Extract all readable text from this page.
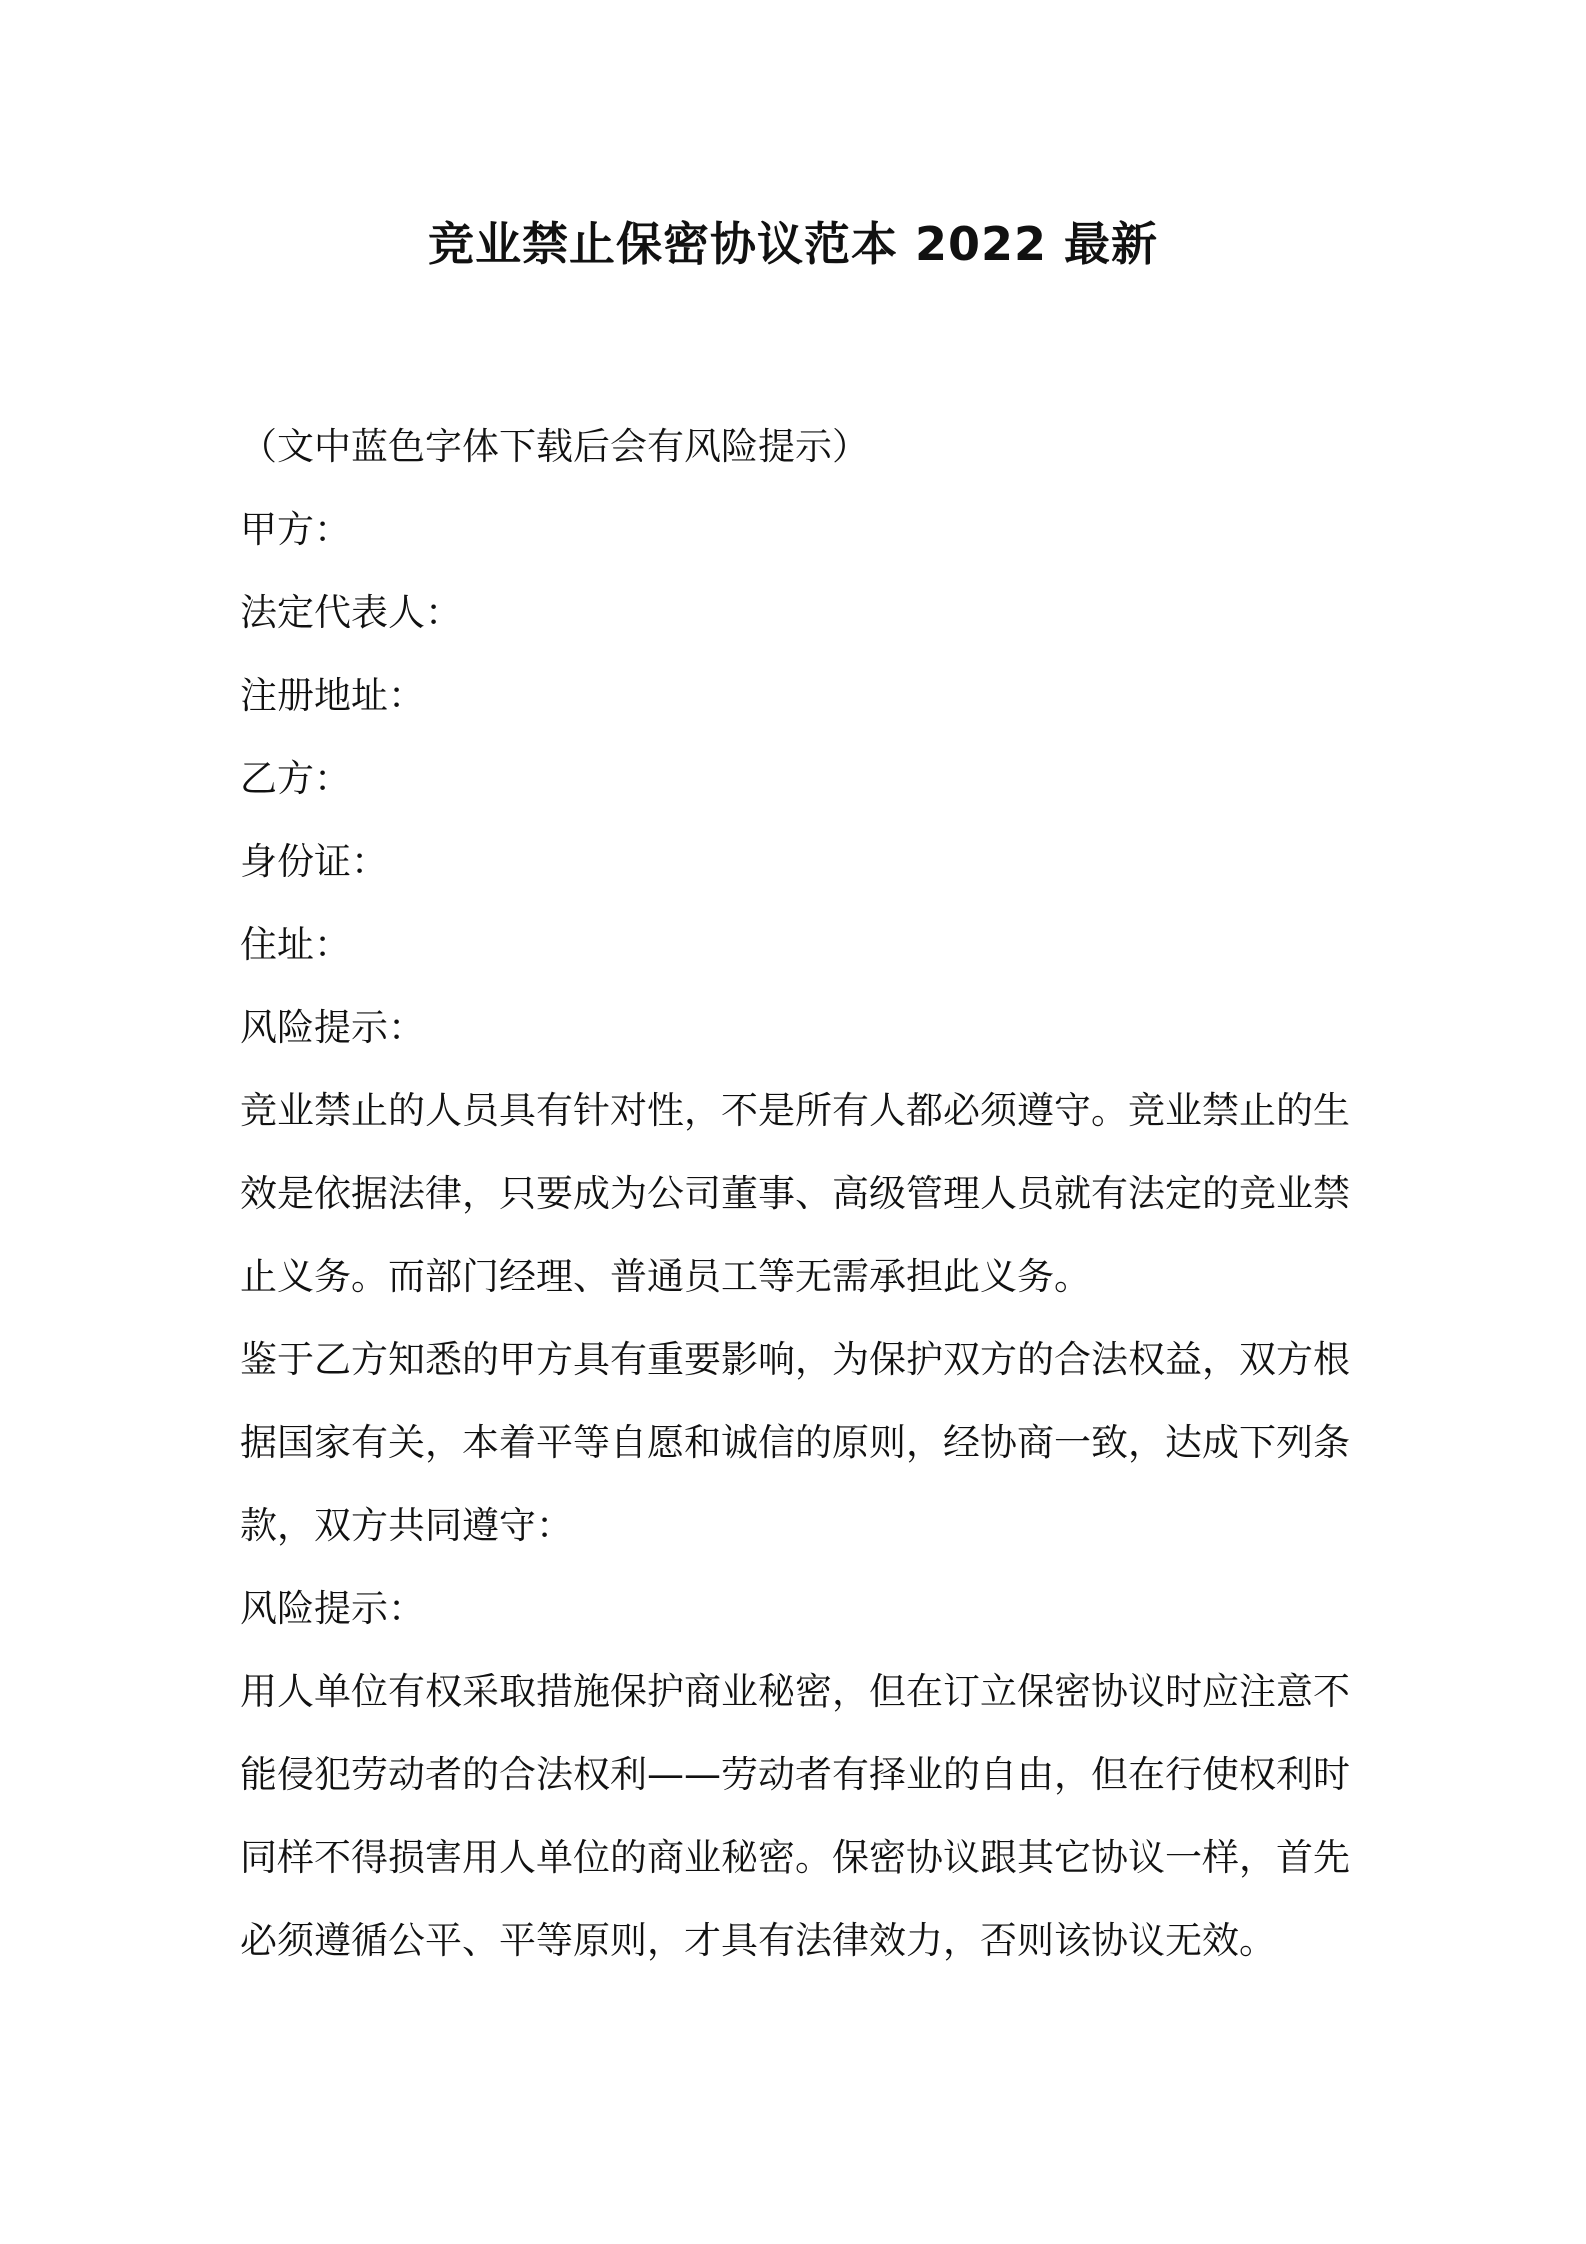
竞业禁止保密协议范本 2022 最新
（文中蓝色字体下载后会有风险提示）
甲方：
法定代表人：
注册地址：
乙方：
身份证：
住址：
风险提示：
竞业禁止的人员具有针对性，不是所有人都必须遵守。竞业禁止的生
效是依据法律，只要成为公司董事、高级管理人员就有法定的竞业禁
止义务。而部门经理、普通员工等无需承担此义务。
鉴于乙方知悉的甲方具有重要影响，为保护双方的合法权益，双方根
据国家有关，本着平等自愿和诚信的原则，经协商一致，达成下列条
款，双方共同遵守：
风险提示：
用人单位有权采取措施保护商业秘密，但在订立保密协议时应注意不
能侵犯劳动者的合法权利——劳动者有择业的自由，但在行使权利时
同样不得损害用人单位的商业秘密。保密协议跟其它协议一样，首先
必须遵循公平、平等原则，才具有法律效力，否则该协议无效。
